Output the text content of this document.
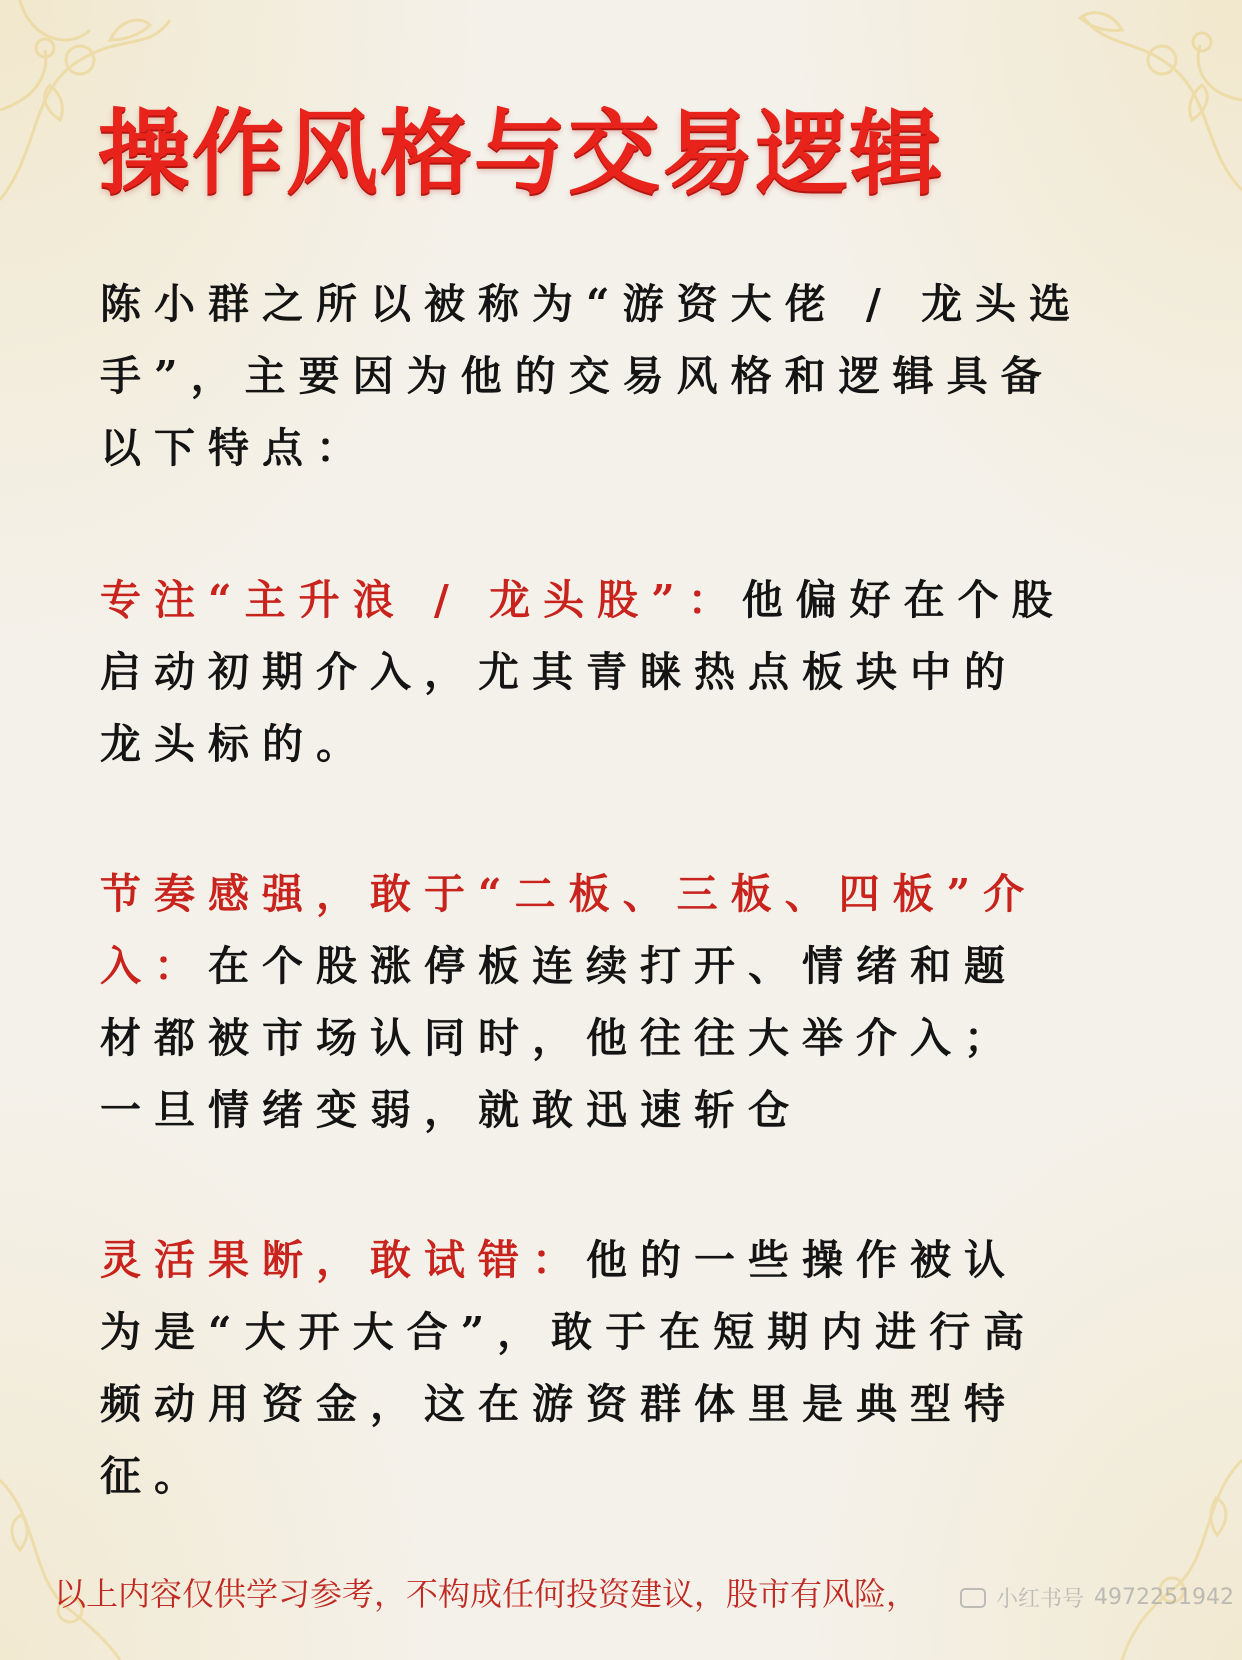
操作风格与交易逻辑
陈小群之所以被称为“游资大佬 / 龙头选
手”，主要因为他的交易风格和逻辑具备
以下特点：
专注“主升浪 / 龙头股”：他偏好在个股
启动初期介入，尤其青睐热点板块中的
龙头标的。
节奏感强，敢于“二板、三板、四板”介
入：在个股涨停板连续打开、情绪和题
材都被市场认同时，他往往大举介入；
一旦情绪变弱，就敢迅速斩仓
灵活果断，敢试错：他的一些操作被认
为是“大开大合”，敢于在短期内进行高
频动用资金，这在游资群体里是典型特
征。
以上内容仅供学习参考，不构成任何投资建议，股市有风险，	小红书号 4972251942
